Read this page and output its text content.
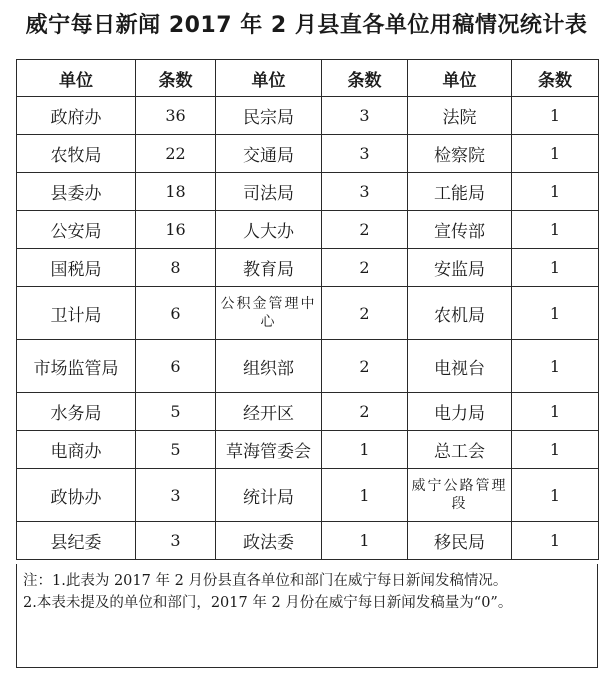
威宁每日新闻 2017 年 2 月县直各单位用稿情况统计表
单位	条数	单位	条数	单位	条数
政府办	36	民宗局	3	法院	1
农牧局	22	交通局	3	检察院	1
县委办	18	司法局	3	工能局	1
公安局	16	人大办	2	宣传部	1
国税局	8	教育局	2	安监局	1
卫计局	6	公积金管理中心	2	农机局	1
市场监管局	6	组织部	2	电视台	1
水务局	5	经开区	2	电力局	1
电商办	5	草海管委会	1	总工会	1
政协办	3	统计局	1	威宁公路管理段	1
县纪委	3	政法委	1	移民局	1

注：1.此表为 2017 年 2 月份县直各单位和部门在威宁每日新闻发稿情况。

2.本表未提及的单位和部门，2017 年 2 月份在威宁每日新闻发稿量为“0”。
